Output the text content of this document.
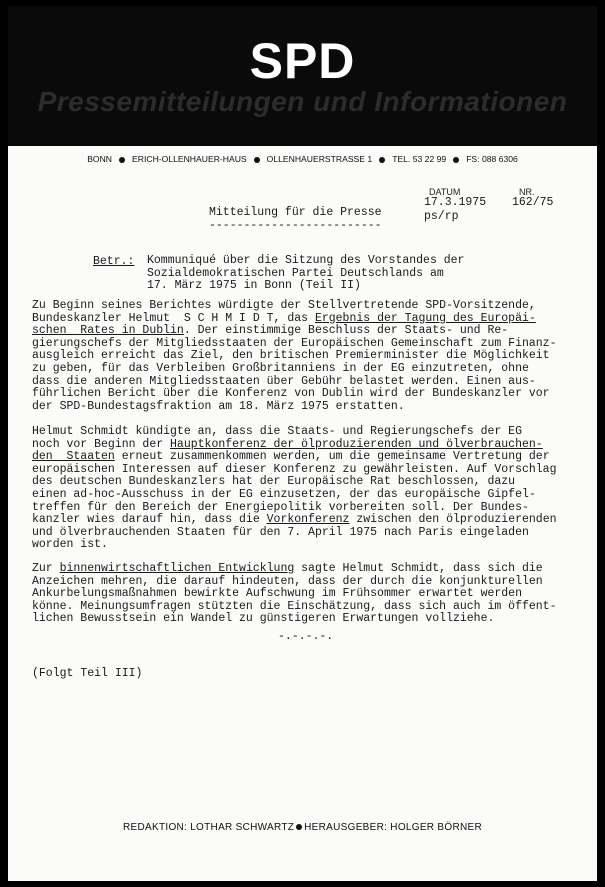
SPD
Pressemitteilungen und Informationen
BONN ERICH-OLLENHAUER-HAUS OLLENHAUERSTRASSE 1 TEL. 53 22 99 FS: 088 6306
DATUM	NR.
17.3.1975 162/75
ps/rp
Mitteilung für die Presse
-------------------------
Betr.: Kommuniqué über die Sitzung des Vorstandes der
Sozialdemokratischen Partei Deutschlands am
17. März 1975 in Bonn (Teil II)
Zu Beginn seines Berichtes würdigte der Stellvertretende SPD-Vorsitzende,
Bundeskanzler Helmut  S C H M I D T, das Ergebnis der Tagung des Europäi-
schen  Rates in Dublin. Der einstimmige Beschluss der Staats- und Re-
gierungschefs der Mitgliedsstaaten der Europäischen Gemeinschaft zum Finanz-
ausgleich erreicht das Ziel, den britischen Premierminister die Möglichkeit
zu geben, für das Verbleiben Großbritanniens in der EG einzutreten, ohne
dass die anderen Mitgliedsstaaten über Gebühr belastet werden. Einen aus-
führlichen Bericht über die Konferenz von Dublin wird der Bundeskanzler vor
der SPD-Bundestagsfraktion am 18. März 1975 erstatten.
Helmut Schmidt kündigte an, dass die Staats- und Regierungschefs der EG
noch vor Beginn der Hauptkonferenz der ölproduzierenden und ölverbrauchen-
den  Staaten erneut zusammenkommen werden, um die gemeinsame Vertretung der
europäischen Interessen auf dieser Konferenz zu gewährleisten. Auf Vorschlag
des deutschen Bundeskanzlers hat der Europäische Rat beschlossen, dazu
einen ad-hoc-Ausschuss in der EG einzusetzen, der das europäische Gipfel-
treffen für den Bereich der Energiepolitik vorbereiten soll. Der Bundes-
kanzler wies darauf hin, dass die Vorkonferenz zwischen den ölproduzierenden
und ölverbrauchenden Staaten für den 7. April 1975 nach Paris eingeladen
worden ist.
Zur binnenwirtschaftlichen Entwicklung sagte Helmut Schmidt, dass sich die
Anzeichen mehren, die darauf hindeuten, dass der durch die konjunkturellen
Ankurbelungsmaßnahmen bewirkte Aufschwung im Frühsommer erwartet werden
könne. Meinungsumfragen stützten die Einschätzung, dass sich auch im öffent-
lichen Bewusstsein ein Wandel zu günstigeren Erwartungen vollziehe.
-.-.-.-.
(Folgt Teil III)
REDAKTION: LOTHAR SCHWARTZ HERAUSGEBER: HOLGER BÖRNER
